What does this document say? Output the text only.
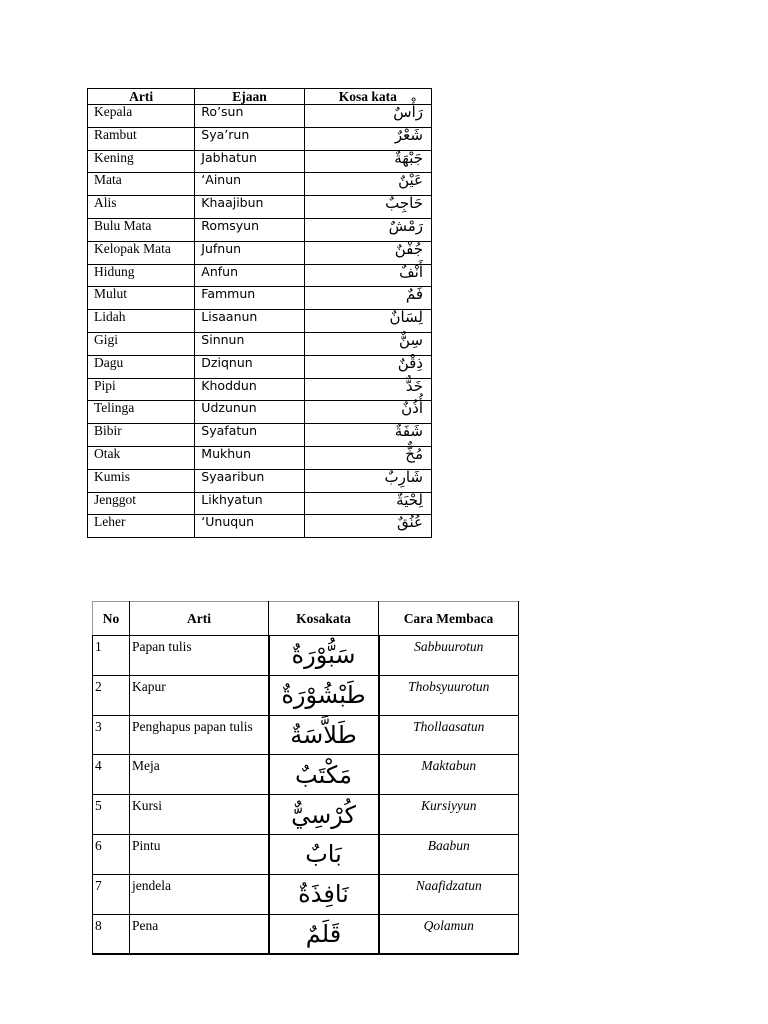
Arti	Ejaan	Kosa kata
Kepala	Ro’sun	رَأْسٌ
Rambut	Sya’run	شَعْرٌ
Kening	Jabhatun	جَبْهَةٌ
Mata	‘Ainun	عَيْنٌ
Alis	Khaajibun	حَاجِبٌ
Bulu Mata	Romsyun	رَمْشٌ
Kelopak Mata	Jufnun	جُفْنٌ
Hidung	Anfun	أَنْفٌ
Mulut	Fammun	فَمٌ
Lidah	Lisaanun	لِسَانٌ
Gigi	Sinnun	سِنٌّ
Dagu	Dziqnun	ذِقْنٌ
Pipi	Khoddun	خَدٌّ
Telinga	Udzunun	أُذُنٌ
Bibir	Syafatun	شَفَةٌ
Otak	Mukhun	مُخٌّ
Kumis	Syaaribun	شَارِبٌ
Jenggot	Likhyatun	لِحْيَةٌ
Leher	‘Unuqun	عُنُقٌ
No	Arti	Kosakata	Cara Membaca
1	Papan tulis	سَبُّوْرَةٌ	Sabbuurotun
2	Kapur	طَبْشُوْرَةٌ	Thobsyuurotun
3	Penghapus papan tulis	طَلاَّسَةٌ	Thollaasatun
4	Meja	مَكْتَبٌ	Maktabun
5	Kursi	كُرْسِيٌّ	Kursiyyun
6	Pintu	بَابٌ	Baabun
7	jendela	نَافِذَةٌ	Naafidzatun
8	Pena	قَلَمٌ	Qolamun
